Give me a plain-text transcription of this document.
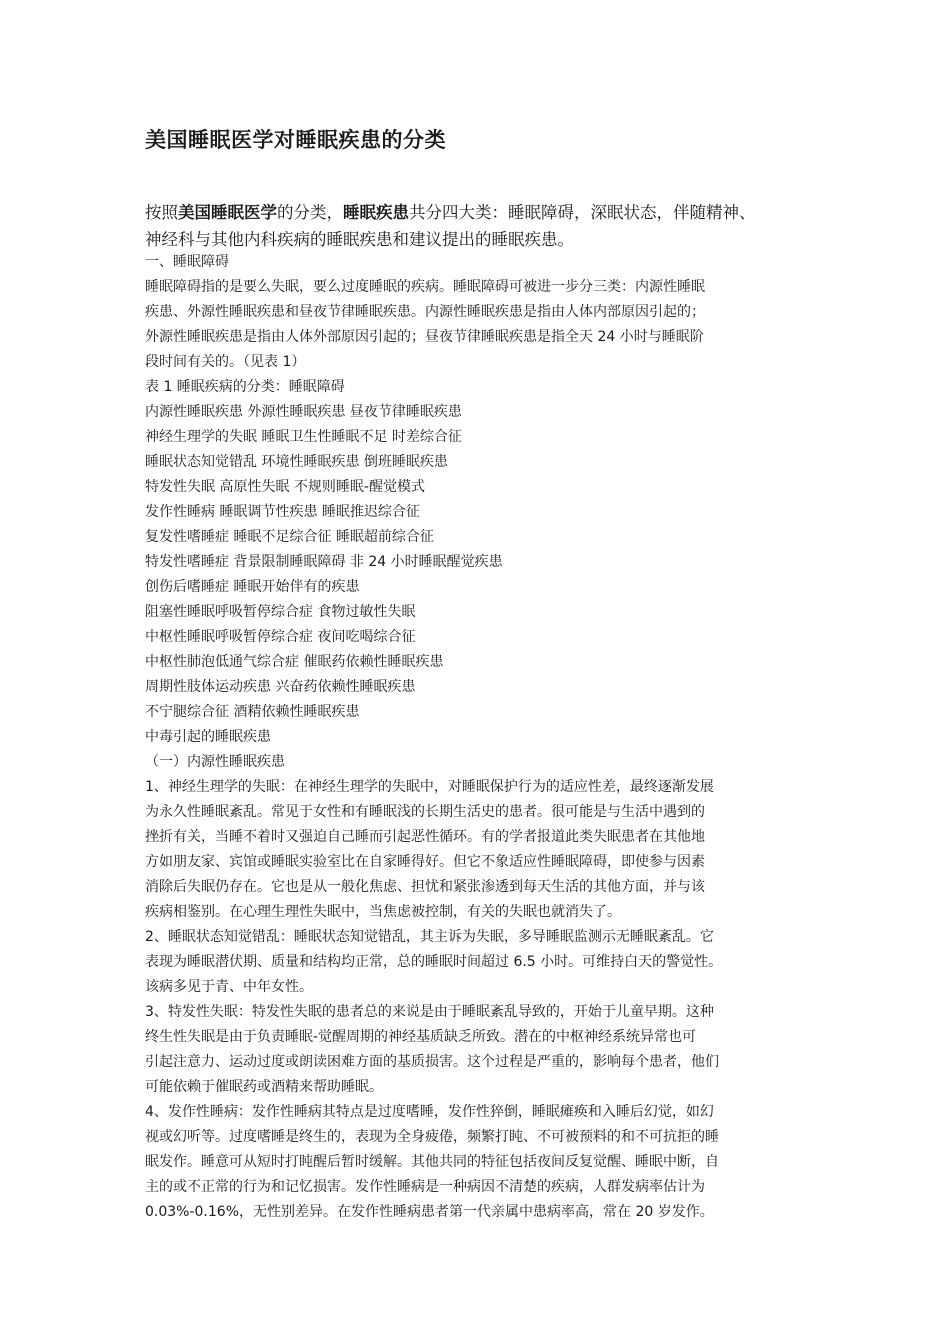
美国睡眠医学对睡眠疾患的分类

按照美国睡眠医学的分类，睡眠疾患共分四大类：睡眠障碍，深眠状态，伴随精神、

神经科与其他内科疾病的睡眠疾患和建议提出的睡眠疾患。

一、睡眠障碍

睡眠障碍指的是要么失眠，要么过度睡眠的疾病。睡眠障碍可被进一步分三类：内源性睡眠

疾患、外源性睡眠疾患和昼夜节律睡眠疾患。内源性睡眠疾患是指由人体内部原因引起的；

外源性睡眠疾患是指由人体外部原因引起的；昼夜节律睡眠疾患是指全天 24 小时与睡眠阶

段时间有关的。（见表 1）

表 1 睡眠疾病的分类：睡眠障碍

内源性睡眠疾患 外源性睡眠疾患 昼夜节律睡眠疾患

神经生理学的失眠 睡眠卫生性睡眠不足 时差综合征

睡眠状态知觉错乱 环境性睡眠疾患 倒班睡眠疾患

特发性失眠 高原性失眠 不规则睡眠-醒觉模式

发作性睡病 睡眠调节性疾患 睡眠推迟综合征

复发性嗜睡症 睡眠不足综合征 睡眠超前综合征

特发性嗜睡症 背景限制睡眠障碍 非 24 小时睡眠醒觉疾患

创伤后嗜睡症 睡眠开始伴有的疾患

阻塞性睡眠呼吸暂停综合症 食物过敏性失眠

中枢性睡眠呼吸暂停综合症 夜间吃喝综合征

中枢性肺泡低通气综合症 催眠药依赖性睡眠疾患

周期性肢体运动疾患 兴奋药依赖性睡眠疾患

不宁腿综合征 酒精依赖性睡眠疾患

中毒引起的睡眠疾患

（一）内源性睡眠疾患

1、神经生理学的失眠：在神经生理学的失眠中，对睡眠保护行为的适应性差，最终逐渐发展

为永久性睡眠紊乱。常见于女性和有睡眠浅的长期生活史的患者。很可能是与生活中遇到的

挫折有关，当睡不着时又强迫自己睡而引起恶性循环。有的学者报道此类失眠患者在其他地

方如朋友家、宾馆或睡眠实验室比在自家睡得好。但它不象适应性睡眠障碍，即使参与因素

消除后失眠仍存在。它也是从一般化焦虑、担忧和紧张渗透到每天生活的其他方面，并与该

疾病相鉴别。在心理生理性失眠中，当焦虑被控制，有关的失眠也就消失了。

2、睡眠状态知觉错乱：睡眠状态知觉错乱，其主诉为失眠，多导睡眠监测示无睡眠紊乱。它

表现为睡眠潜伏期、质量和结构均正常，总的睡眠时间超过 6.5 小时。可维持白天的警觉性。

该病多见于青、中年女性。

3、特发性失眠：特发性失眠的患者总的来说是由于睡眠紊乱导致的，开始于儿童早期。这种

终生性失眠是由于负责睡眠-觉醒周期的神经基质缺乏所致。潜在的中枢神经系统异常也可

引起注意力、运动过度或朗读困难方面的基质损害。这个过程是严重的，影响每个患者，他们

可能依赖于催眠药或酒精来帮助睡眠。

4、发作性睡病：发作性睡病其特点是过度嗜睡，发作性猝倒，睡眠瘫痪和入睡后幻觉，如幻

视或幻听等。过度嗜睡是终生的，表现为全身疲倦，频繁打盹、不可被预料的和不可抗拒的睡

眠发作。睡意可从短时打盹醒后暂时缓解。其他共同的特征包括夜间反复觉醒、睡眠中断，自

主的或不正常的行为和记忆损害。发作性睡病是一种病因不清楚的疾病，人群发病率估计为

0.03%-0.16%，无性别差异。在发作性睡病患者第一代亲属中患病率高，常在 20 岁发作。
